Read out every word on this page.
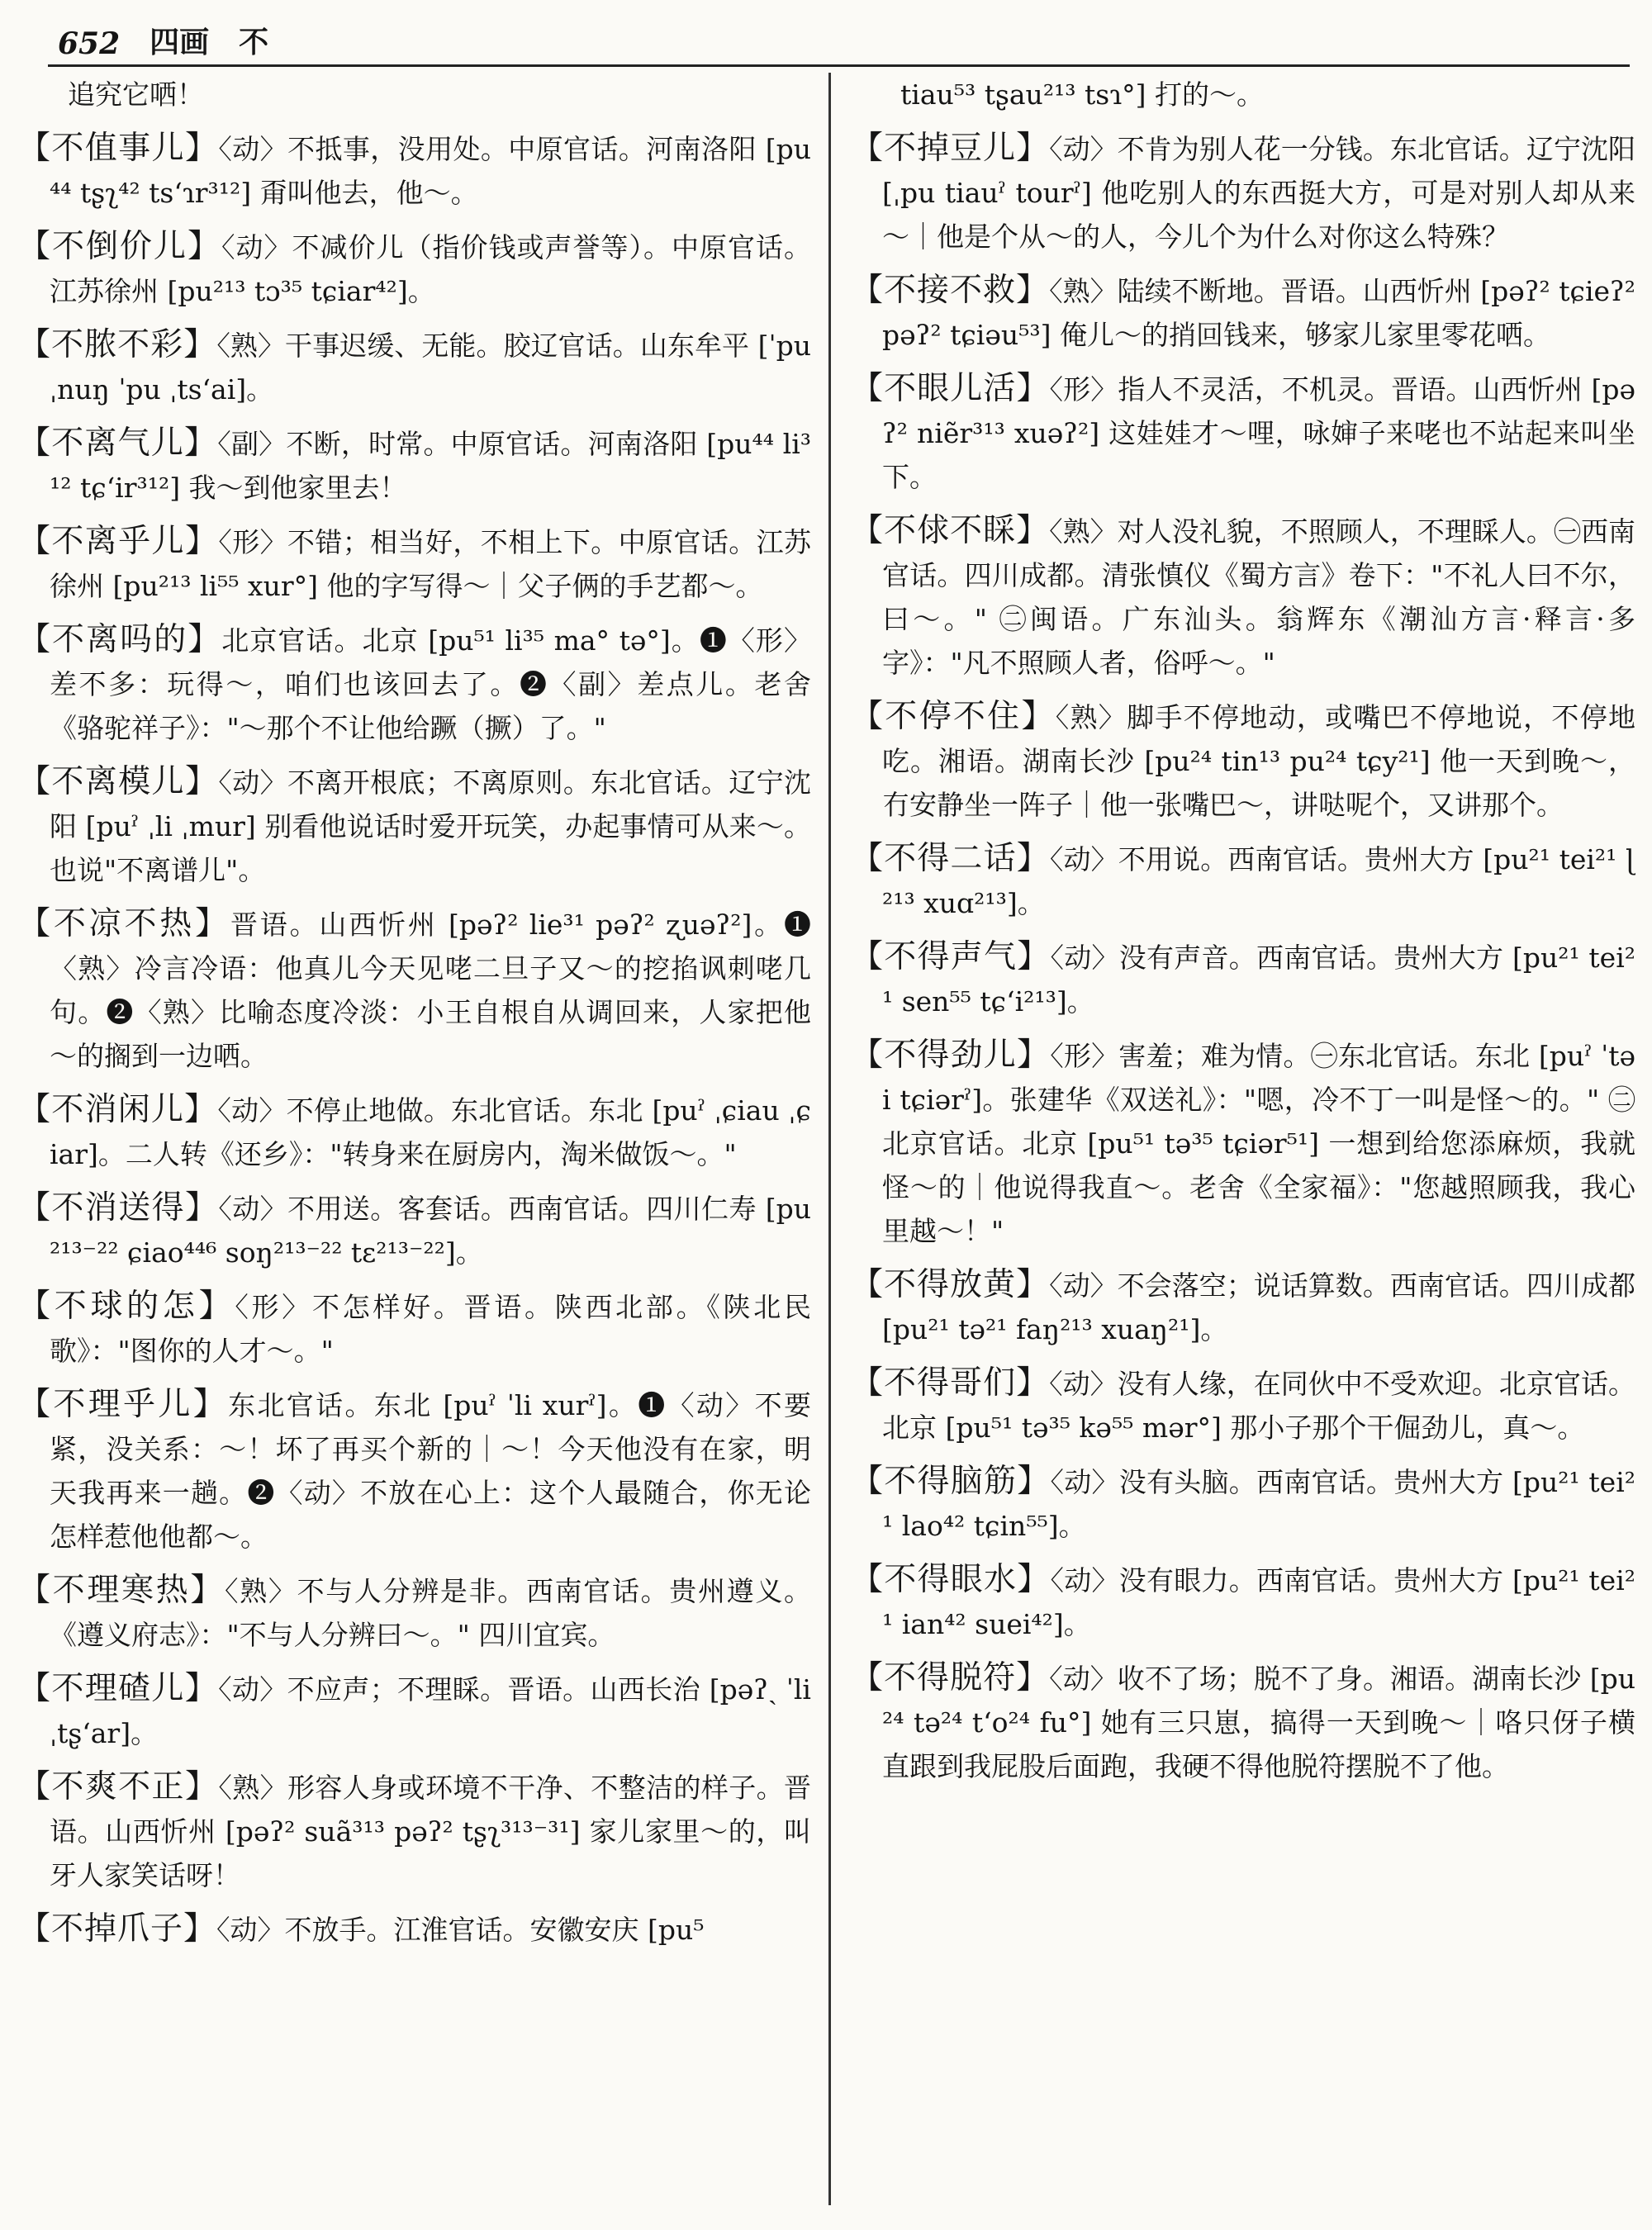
652 四画 不

追究它哂！

【不值事儿】〈动〉不抵事，没用处。中原官话。河南洛阳 [pu⁴⁴ tʂʅ⁴² tsʻɿr³¹²] 甭叫他去，他～。

【不倒价儿】〈动〉不减价儿（指价钱或声誉等）。中原官话。江苏徐州 [pu²¹³ tɔ³⁵ tɕiar⁴²]。

【不脓不彩】〈熟〉干事迟缓、无能。胶辽官话。山东牟平 [ˈpu ˌnuŋ ˈpu ˌtsʻai]。

【不离气儿】〈副〉不断，时常。中原官话。河南洛阳 [pu⁴⁴ li³¹² tɕʻir³¹²] 我～到他家里去！

【不离乎儿】〈形〉不错；相当好，不相上下。中原官话。江苏徐州 [pu²¹³ li⁵⁵ xur°] 他的字写得～｜父子俩的手艺都～。

【不离吗的】北京官话。北京 [pu⁵¹ li³⁵ ma° tə°]。❶〈形〉差不多：玩得～，咱们也该回去了。❷〈副〉差点儿。老舍《骆驼祥子》："～那个不让他给蹶（撅）了。"

【不离模儿】〈动〉不离开根底；不离原则。东北官话。辽宁沈阳 [puˀ ˌli ˌmur] 别看他说话时爱开玩笑，办起事情可从来～。也说"不离谱儿"。

【不凉不热】晋语。山西忻州 [pəʔ² lie³¹ pəʔ² ʐuəʔ²]。❶〈熟〉冷言冷语：他真儿今天见咾二旦子又～的挖掐讽刺咾几句。❷〈熟〉比喻态度冷淡：小王自根自从调回来，人家把他～的搁到一边哂。

【不消闲儿】〈动〉不停止地做。东北官话。东北 [puˀ ˌɕiau ˌɕiar]。二人转《还乡》："转身来在厨房内，淘米做饭～。"

【不消送得】〈动〉不用送。客套话。西南官话。四川仁寿 [pu²¹³⁻²² ɕiao⁴⁴⁶ soŋ²¹³⁻²² tɛ²¹³⁻²²]。

【不球的怎】〈形〉不怎样好。晋语。陕西北部。《陕北民歌》："图你的人才～。"

【不理乎儿】东北官话。东北 [puˀ ˈli xurˀ]。❶〈动〉不要紧，没关系：～！坏了再买个新的｜～！今天他没有在家，明天我再来一趟。❷〈动〉不放在心上：这个人最随合，你无论怎样惹他他都～。

【不理寒热】〈熟〉不与人分辨是非。西南官话。贵州遵义。《遵义府志》："不与人分辨曰～。" 四川宜宾。

【不理碴儿】〈动〉不应声；不理睬。晋语。山西长治 [pəʔˏ ˈli ˌtʂʻar]。

【不爽不正】〈熟〉形容人身或环境不干净、不整洁的样子。晋语。山西忻州 [pəʔ² suã³¹³ pəʔ² tʂʅ³¹³⁻³¹] 家儿家里～的，叫牙人家笑话呀！

【不掉爪子】〈动〉不放手。江淮官话。安徽安庆 [pu⁵

tiau⁵³ tʂau²¹³ tsɿ°] 打的～。

【不掉豆儿】〈动〉不肯为别人花一分钱。东北官话。辽宁沈阳 [ˌpu tiauˀ tourˀ] 他吃别人的东西挺大方，可是对别人却从来～｜他是个从～的人，今儿个为什么对你这么特殊？

【不接不救】〈熟〉陆续不断地。晋语。山西忻州 [pəʔ² tɕieʔ² pəʔ² tɕiəu⁵³] 俺儿～的捎回钱来，够家儿家里零花哂。

【不眼儿活】〈形〉指人不灵活，不机灵。晋语。山西忻州 [pəʔ² niẽr³¹³ xuəʔ²] 这娃娃才～哩，咏婶子来咾也不站起来叫坐下。

【不俅不睬】〈熟〉对人没礼貌，不照顾人，不理睬人。㊀西南官话。四川成都。清张慎仪《蜀方言》卷下："不礼人曰不尔，曰～。" ㊁闽语。广东汕头。翁辉东《潮汕方言·释言·多字》："凡不照顾人者，俗呼～。"

【不停不住】〈熟〉脚手不停地动，或嘴巴不停地说，不停地吃。湘语。湖南长沙 [pu²⁴ tin¹³ pu²⁴ tɕy²¹] 他一天到晚～，冇安静坐一阵子｜他一张嘴巴～，讲哒呢个，又讲那个。

【不得二话】〈动〉不用说。西南官话。贵州大方 [pu²¹ tei²¹ ɭ²¹³ xuɑ²¹³]。

【不得声气】〈动〉没有声音。西南官话。贵州大方 [pu²¹ tei²¹ sen⁵⁵ tɕʻi²¹³]。

【不得劲儿】〈形〉害羞；难为情。㊀东北官话。东北 [puˀ ˈtəi tɕiərˀ]。张建华《双送礼》："嗯，冷不丁一叫是怪～的。" ㊁北京官话。北京 [pu⁵¹ tə³⁵ tɕiər⁵¹] 一想到给您添麻烦，我就怪～的｜他说得我直～。老舍《全家福》："您越照顾我，我心里越～！"

【不得放黄】〈动〉不会落空；说话算数。西南官话。四川成都 [pu²¹ tə²¹ faŋ²¹³ xuaŋ²¹]。

【不得哥们】〈动〉没有人缘，在同伙中不受欢迎。北京官话。北京 [pu⁵¹ tə³⁵ kə⁵⁵ mər°] 那小子那个干倔劲儿，真～。

【不得脑筋】〈动〉没有头脑。西南官话。贵州大方 [pu²¹ tei²¹ lao⁴² tɕin⁵⁵]。

【不得眼水】〈动〉没有眼力。西南官话。贵州大方 [pu²¹ tei²¹ ian⁴² suei⁴²]。

【不得脱符】〈动〉收不了场；脱不了身。湘语。湖南长沙 [pu²⁴ tə²⁴ tʻo²⁴ fu°] 她有三只崽，搞得一天到晚～｜咯只伢子横直跟到我屁股后面跑，我硬不得他脱符摆脱不了他。
